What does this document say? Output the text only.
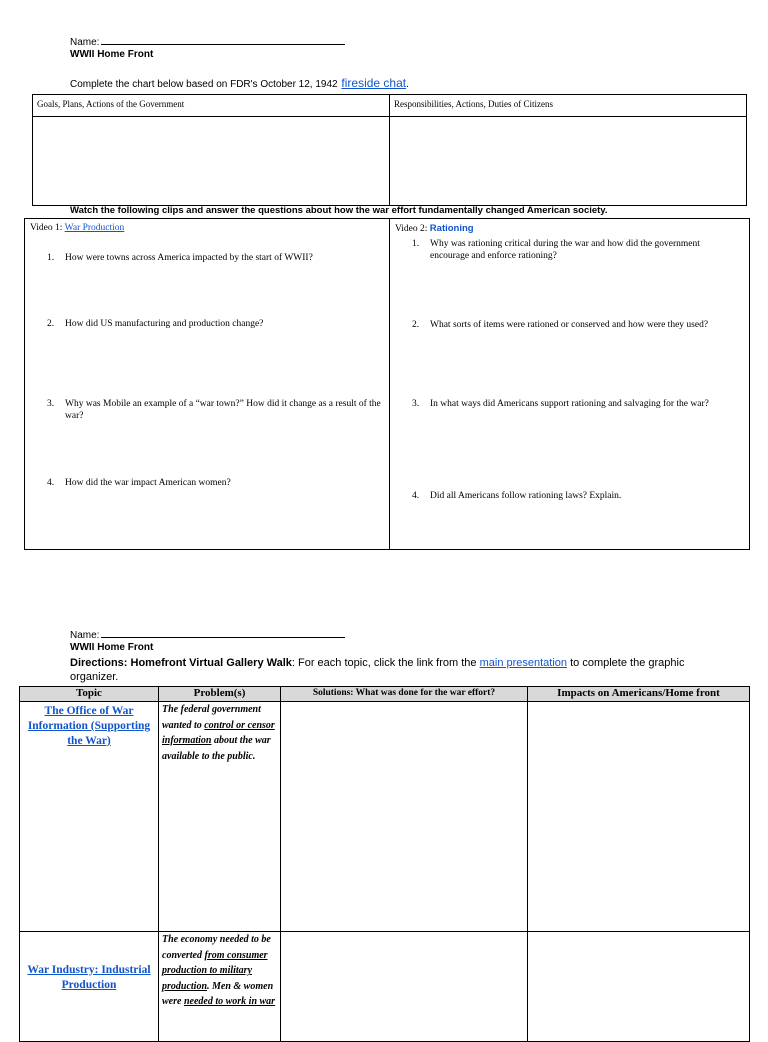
Name:
WWII Home Front
Complete the chart below based on FDR's October 12, 1942 fireside chat.
Goals, Plans, Actions of the Government	Responsibilities, Actions, Duties of Citizens

Watch the following clips and answer the questions about how the war effort fundamentally changed American society.
Video 1: War Production
1. How were towns across America impacted by the start of WWII?
2. How did US manufacturing and production change?
3. Why was Mobile an example of a “war town?” How did it change as a result of the war?
4. How did the war impact American women?

Video 2: Rationing
1. Why was rationing critical during the war and how did the government encourage and enforce rationing?
2. What sorts of items were rationed or conserved and how were they used?
3. In what ways did Americans support rationing and salvaging for the war?
4. Did all Americans follow rationing laws? Explain.
Name:
WWII Home Front
Directions: Homefront Virtual Gallery Walk: For each topic, click the link from the main presentation to complete the graphic organizer.
Topic	Problem(s)	Solutions: What was done for the war effort?	Impacts on Americans/Home front

The Office of War Information (Supporting the War)	The federal government wanted to control or censor information about the war available to the public.		

War Industry: Industrial Production	The economy needed to be converted from consumer production to military production. Men & women were needed to work in war		
